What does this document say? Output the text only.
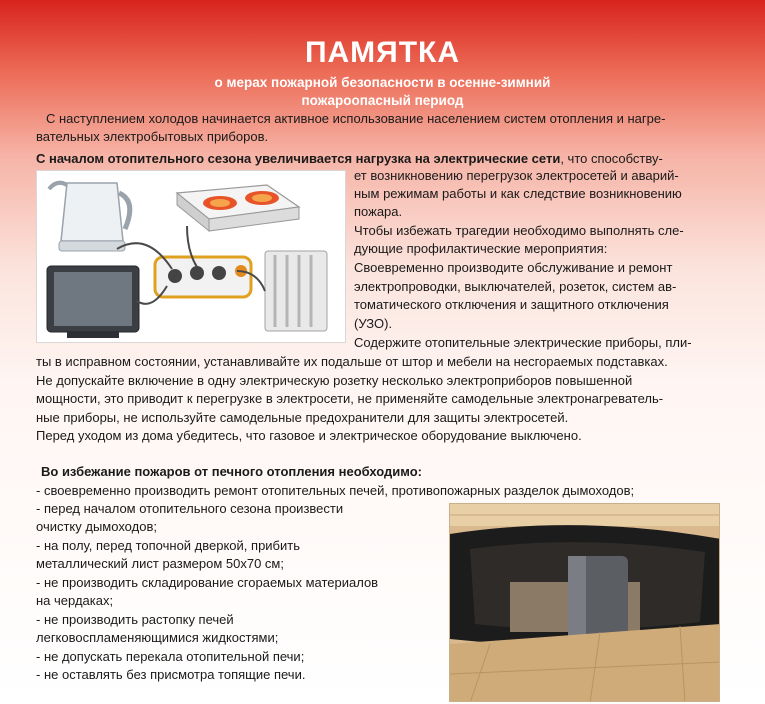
ПАМЯТКА
о мерах пожарной безопасности в осенне-зимний
пожароопасный период
С наступлением холодов начинается активное использование населением систем отопления и нагре-
вательных электробытовых приборов.
С началом отопительного сезона увеличивается нагрузка на электрические сети, что способству-
ет возникновению перегрузок электросетей и аварий-
ным режимам работы и как следствие возникновению
пожара.
Чтобы избежать трагедии необходимо выполнять сле-
дующие профилактические мероприятия:
Своевременно производите обслуживание и ремонт
электропроводки, выключателей, розеток, систем ав-
томатического отключения и защитного отключения
(УЗО).
Содержите отопительные электрические приборы, пли-
ты в исправном состоянии, устанавливайте их подальше от штор и мебели на несгораемых подставках.
Не допускайте включение в одну электрическую розетку несколько электроприборов повышенной
мощности, это приводит к перегрузке в электросети, не применяйте самодельные электронагреватель-
ные приборы, не используйте самодельные предохранители для защиты электросетей.
Перед уходом из дома убедитесь, что газовое и электрическое оборудование выключено.
Во избежание пожаров от печного отопления необходимо:
- своевременно производить ремонт отопительных печей, противопожарных разделок дымоходов;
- перед началом отопительного сезона произвести
очистку дымоходов;
- на полу, перед топочной дверкой, прибить
металлический лист размером 50х70 см;
- не производить складирование сгораемых материалов
на чердаках;
- не производить растопку печей
легковоспламеняющимися жидкостями;
- не допускать перекала отопительной печи;
- не оставлять без присмотра топящие печи.
